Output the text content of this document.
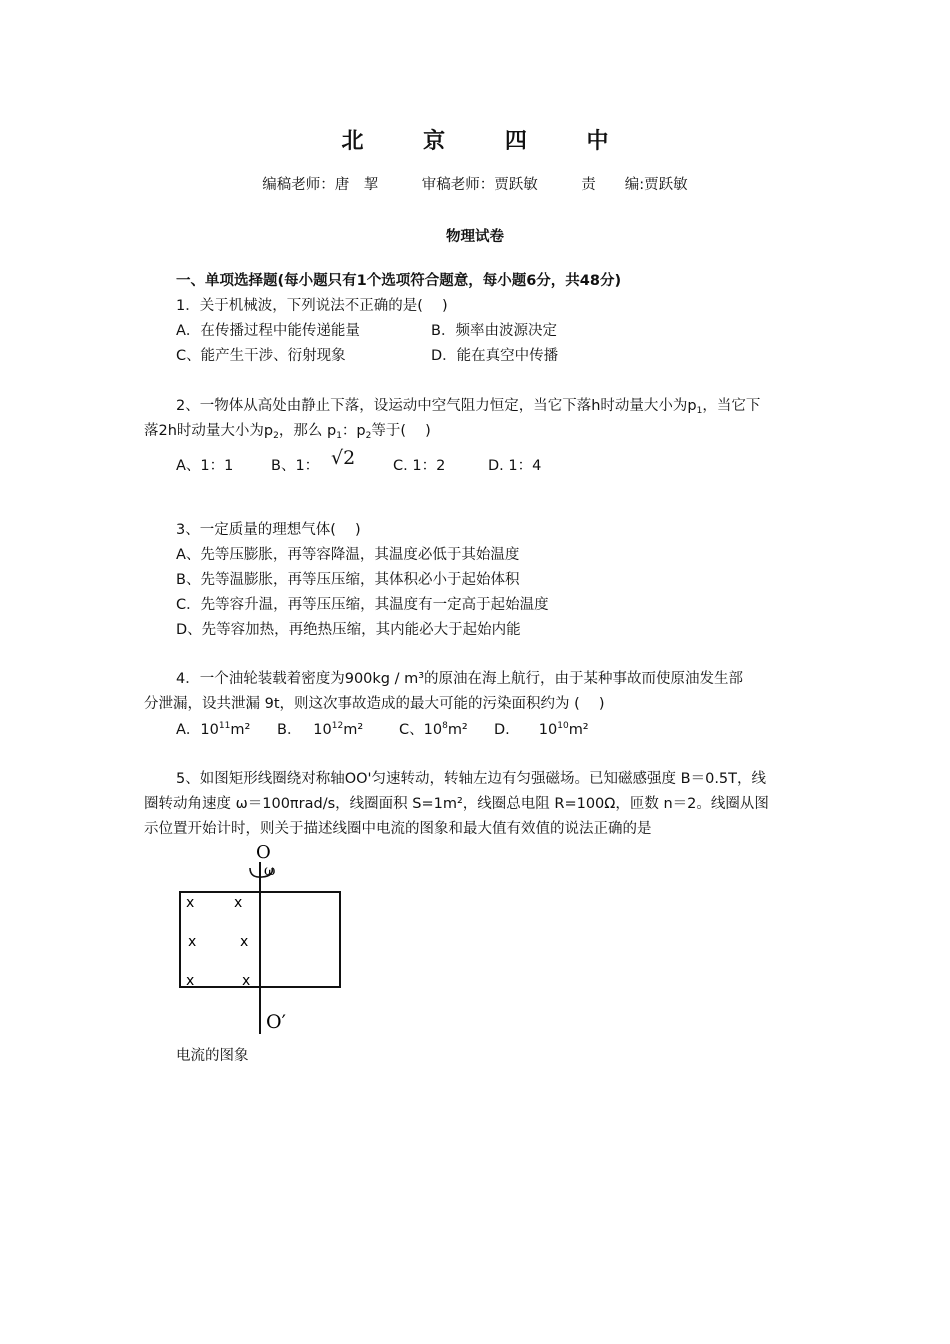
北 京 四 中
编稿老师：唐　挈　　　审稿老师：贾跃敏　　　责　　编:贾跃敏
物理试卷
一、单项选择题(每小题只有1个选项符合题意，每小题6分，共48分)
1．关于机械波，下列说法不正确的是(　 )
A．在传播过程中能传递能量	B．频率由波源决定
C、能产生干涉、衍射现象	D．能在真空中传播
2、一物体从高处由静止下落，设运动中空气阻力恒定，当它下落h时动量大小为$p_1$，当它下
落2h时动量大小为$p_2$，那么 $p_1$：$p_2$等于(　 )
A、1：1	B、1： √2	C. 1：2	D. 1：4
3、一定质量的理想气体(　 )
A、先等压膨胀，再等容降温，其温度必低于其始温度
B、先等温膨胀，再等压压缩，其体积必小于起始体积
C．先等容升温，再等压压缩，其温度有一定高于起始温度
D、先等容加热，再绝热压缩，其内能必大于起始内能
4．一个油轮装载着密度为900kg / m³的原油在海上航行，由于某种事故而使原油发生部
分泄漏，设共泄漏 9t，则这次事故造成的最大可能的污染面积约为 (　 )
A．$10^{11}m^2$ B．　 $10^{12}m^2$ C、$10^8m^2$ D.　　$10^{10}m^2$
5、如图矩形线圈绕对称轴OO'匀速转动，转轴左边有匀强磁场。已知磁感强度 B＝0.5T，线
圈转动角速度 ω＝100πrad/s，线圈面积 S=1m²，线圈总电阻 R=100Ω，匝数 n＝2。线圈从图
示位置开始计时，则关于描述线圈中电流的图象和最大值有效值的说法正确的是
O
ω
O′
x	x
x	x
x	x
电流的图象
